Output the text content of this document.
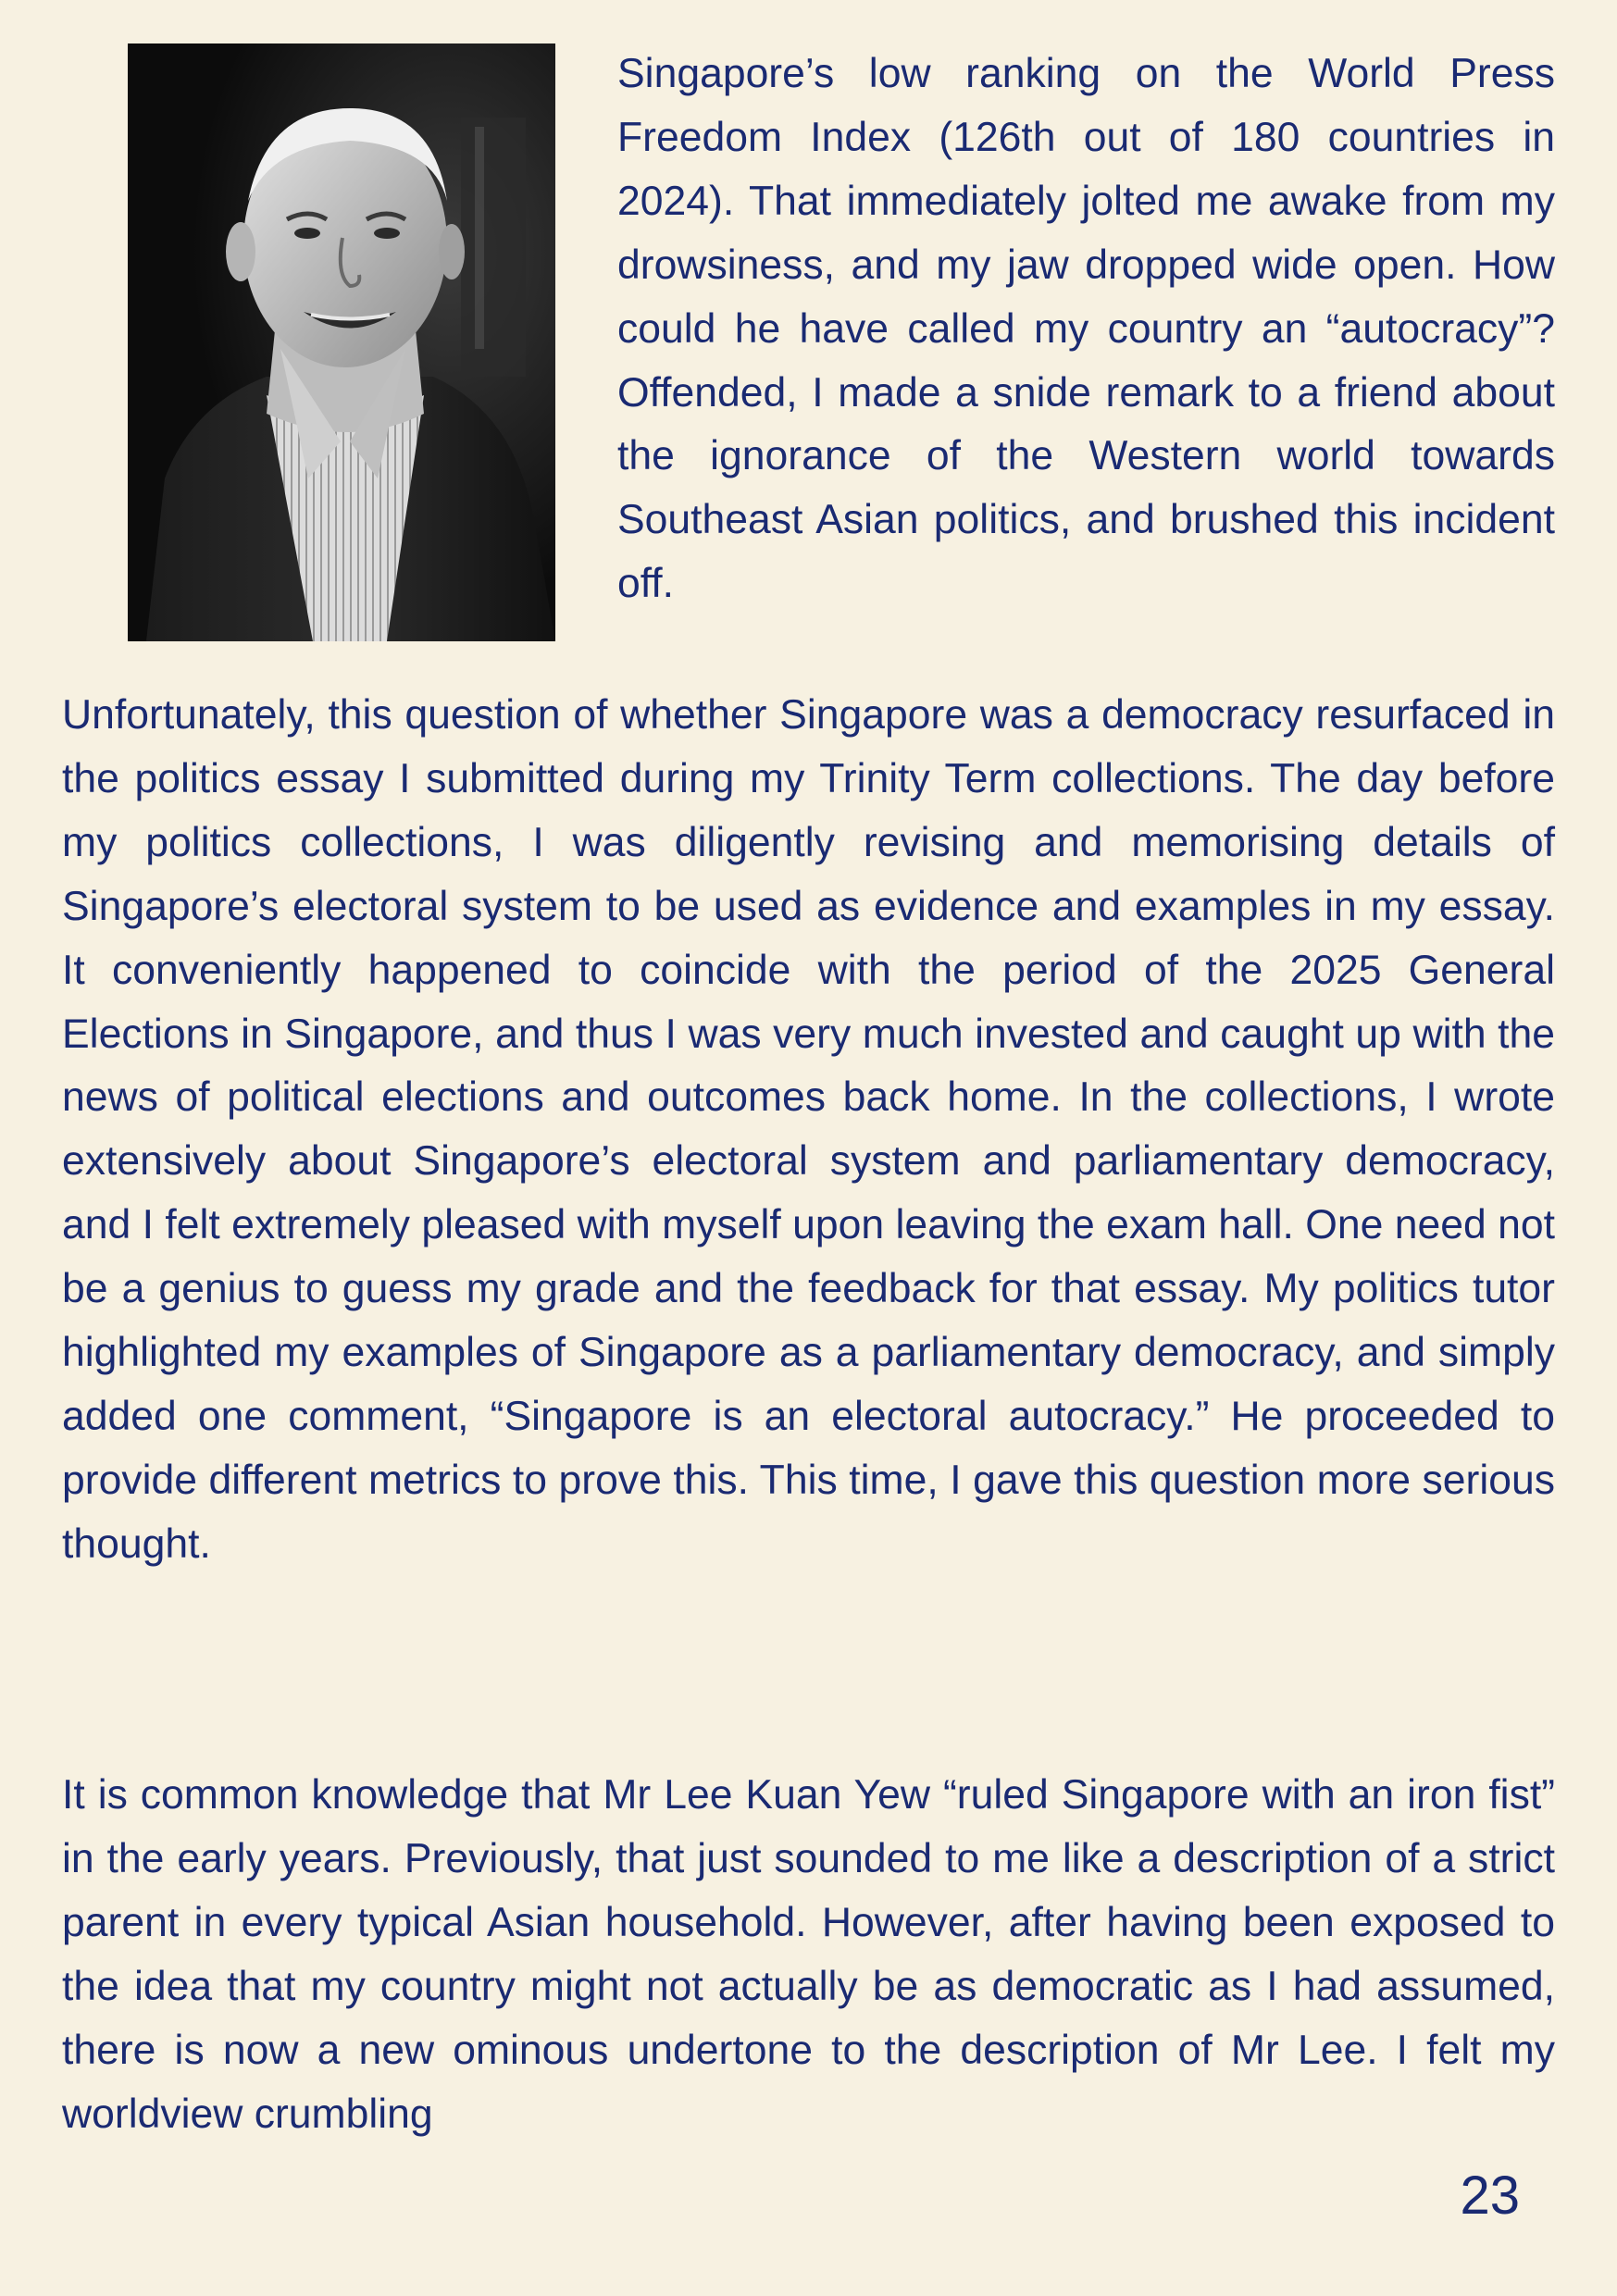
Singapore’s low ranking on the World Press Freedom Index (126th out of 180 countries in 2024). That immediately jolted me awake from my drowsiness, and my jaw dropped wide open. How could he have called my country an “autocracy”? Offended, I made a snide remark to a friend about the ignorance of the Western world towards Southeast Asian politics, and brushed this incident off.

Unfortunately, this question of whether Singapore was a democracy resurfaced in the politics essay I submitted during my Trinity Term collections. The day before my politics collections, I was diligently revising and memorising details of Singapore’s electoral system to be used as evidence and examples in my essay. It conveniently happened to coincide with the period of the 2025 General Elections in Singapore, and thus I was very much invested and caught up with the news of political elections and outcomes back home. In the collections, I wrote extensively about Singapore’s electoral system and parliamentary democracy, and I felt extremely pleased with myself upon leaving the exam hall. One need not be a genius to guess my grade and the feedback for that essay. My politics tutor highlighted my examples of Singapore as a parliamentary democracy, and simply added one comment, “Singapore is an electoral autocracy.” He proceeded to provide different metrics to prove this. This time, I gave this question more serious thought.

It is common knowledge that Mr Lee Kuan Yew “ruled Singapore with an iron fist” in the early years. Previously, that just sounded to me like a description of a strict parent in every typical Asian household. However, after having been exposed to the idea that my country might not actually be as democratic as I had assumed, there is now a new ominous undertone to the description of Mr Lee. I felt my worldview crumbling

23
